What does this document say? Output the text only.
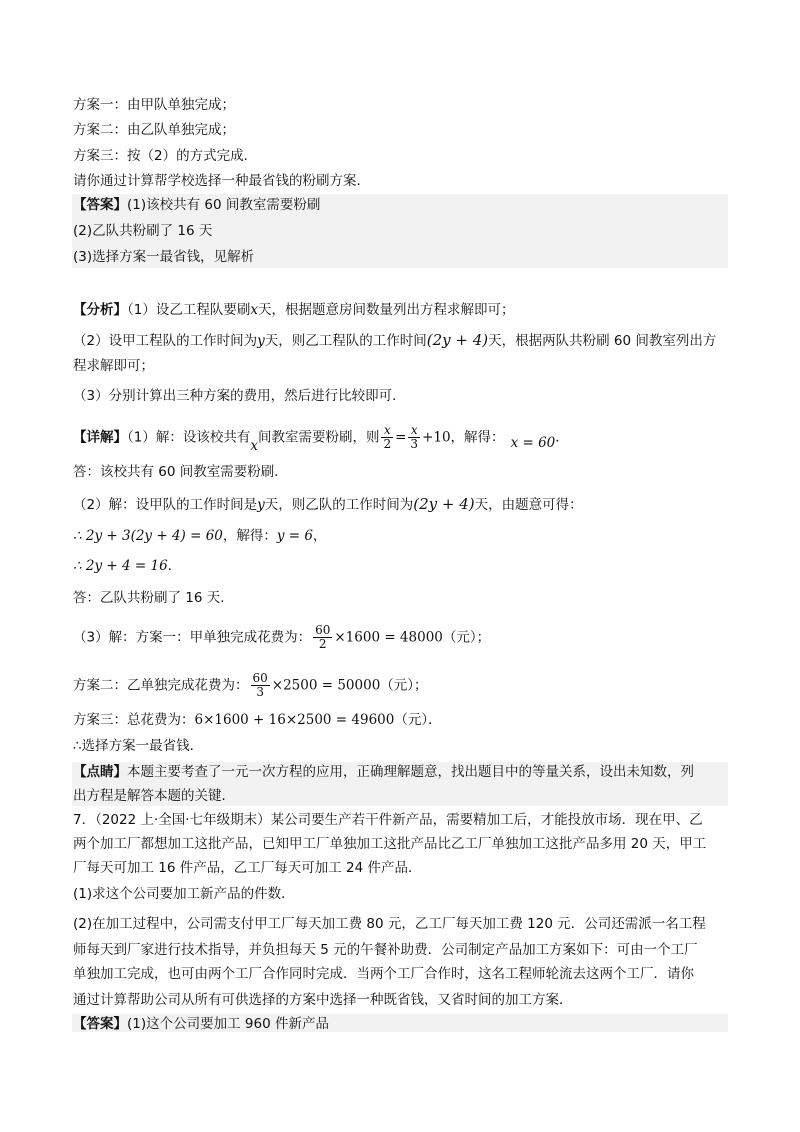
方案一：由甲队单独完成；
方案二：由乙队单独完成；
方案三：按（2）的方式完成．
请你通过计算帮学校选择一种最省钱的粉刷方案．
【答案】(1)该校共有 60 间教室需要粉刷
(2)乙队共粉刷了 16 天
(3)选择方案一最省钱，见解析
【分析】（1）设乙工程队要刷x天，根据题意房间数量列出方程求解即可；
（2）设甲工程队的工作时间为y天，则乙工程队的工作时间(2y + 4)天，根据两队共粉刷 60 间教室列出方
程求解即可；
（3）分别计算出三种方案的费用，然后进行比较即可．
【详解】（1）解：设该校共有x间教室需要粉刷，则 $\frac{x}{2} = \frac{x}{3} +10$，解得： x = 60．
答：该校共有 60 间教室需要粉刷．
（2）解：设甲队的工作时间是y天，则乙队的工作时间为(2y + 4)天，由题意可得：
∴ 2y + 3(2y + 4) = 60，解得：y = 6，
∴ 2y + 4 = 16．
答：乙队共粉刷了 16 天．
（3）解：方案一：甲单独完成花费为： $\frac{60}{2} \times 1600 = 48000$（元）；
方案二：乙单独完成花费为： $\frac{60}{3} \times 2500 = 50000$（元）；
方案三：总花费为：6×1600 + 16×2500 = 49600（元）．
∴选择方案一最省钱．
【点睛】本题主要考查了一元一次方程的应用，正确理解题意，找出题目中的等量关系，设出未知数，列
出方程是解答本题的关键．
7．（2022 上·全国·七年级期末）某公司要生产若干件新产品，需要精加工后，才能投放市场．现在甲、乙
两个加工厂都想加工这批产品，已知甲工厂单独加工这批产品比乙工厂单独加工这批产品多用 20 天，甲工
厂每天可加工 16 件产品，乙工厂每天可加工 24 件产品．
(1)求这个公司要加工新产品的件数．
(2)在加工过程中，公司需支付甲工厂每天加工费 80 元，乙工厂每天加工费 120 元．公司还需派一名工程
师每天到厂家进行技术指导，并负担每天 5 元的午餐补助费．公司制定产品加工方案如下：可由一个工厂
单独加工完成，也可由两个工厂合作同时完成．当两个工厂合作时，这名工程师轮流去这两个工厂．请你
通过计算帮助公司从所有可供选择的方案中选择一种既省钱，又省时间的加工方案．
【答案】(1)这个公司要加工 960 件新产品
